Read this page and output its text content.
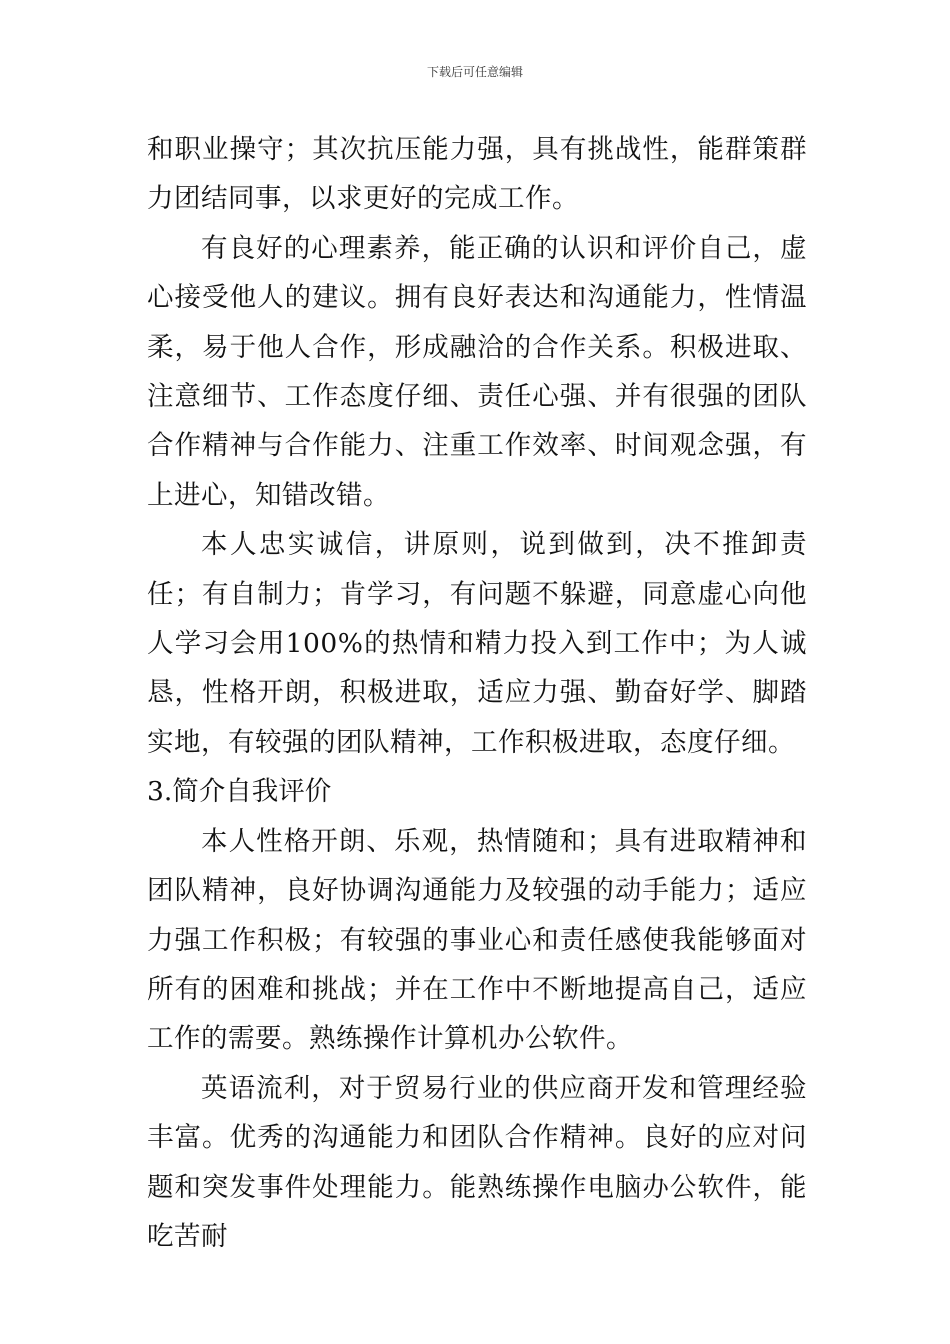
下载后可任意编辑

和职业操守；其次抗压能力强，具有挑战性，能群策群力团结同事，以求更好的完成工作。

有良好的心理素养，能正确的认识和评价自己，虚心接受他人的建议。拥有良好表达和沟通能力，性情温柔，易于他人合作，形成融洽的合作关系。积极进取、注意细节、工作态度仔细、责任心强、并有很强的团队合作精神与合作能力、注重工作效率、时间观念强，有上进心，知错改错。

本人忠实诚信，讲原则，说到做到，决不推卸责任；有自制力；肯学习，有问题不躲避，同意虚心向他人学习会用100%的热情和精力投入到工作中；为人诚恳，性格开朗，积极进取，适应力强、勤奋好学、脚踏实地，有较强的团队精神，工作积极进取，态度仔细。

3.简介自我评价

本人性格开朗、乐观，热情随和；具有进取精神和团队精神，良好协调沟通能力及较强的动手能力；适应力强工作积极；有较强的事业心和责任感使我能够面对所有的困难和挑战；并在工作中不断地提高自己，适应工作的需要。熟练操作计算机办公软件。

英语流利，对于贸易行业的供应商开发和管理经验丰富。优秀的沟通能力和团队合作精神。良好的应对问题和突发事件处理能力。能熟练操作电脑办公软件，能吃苦耐
